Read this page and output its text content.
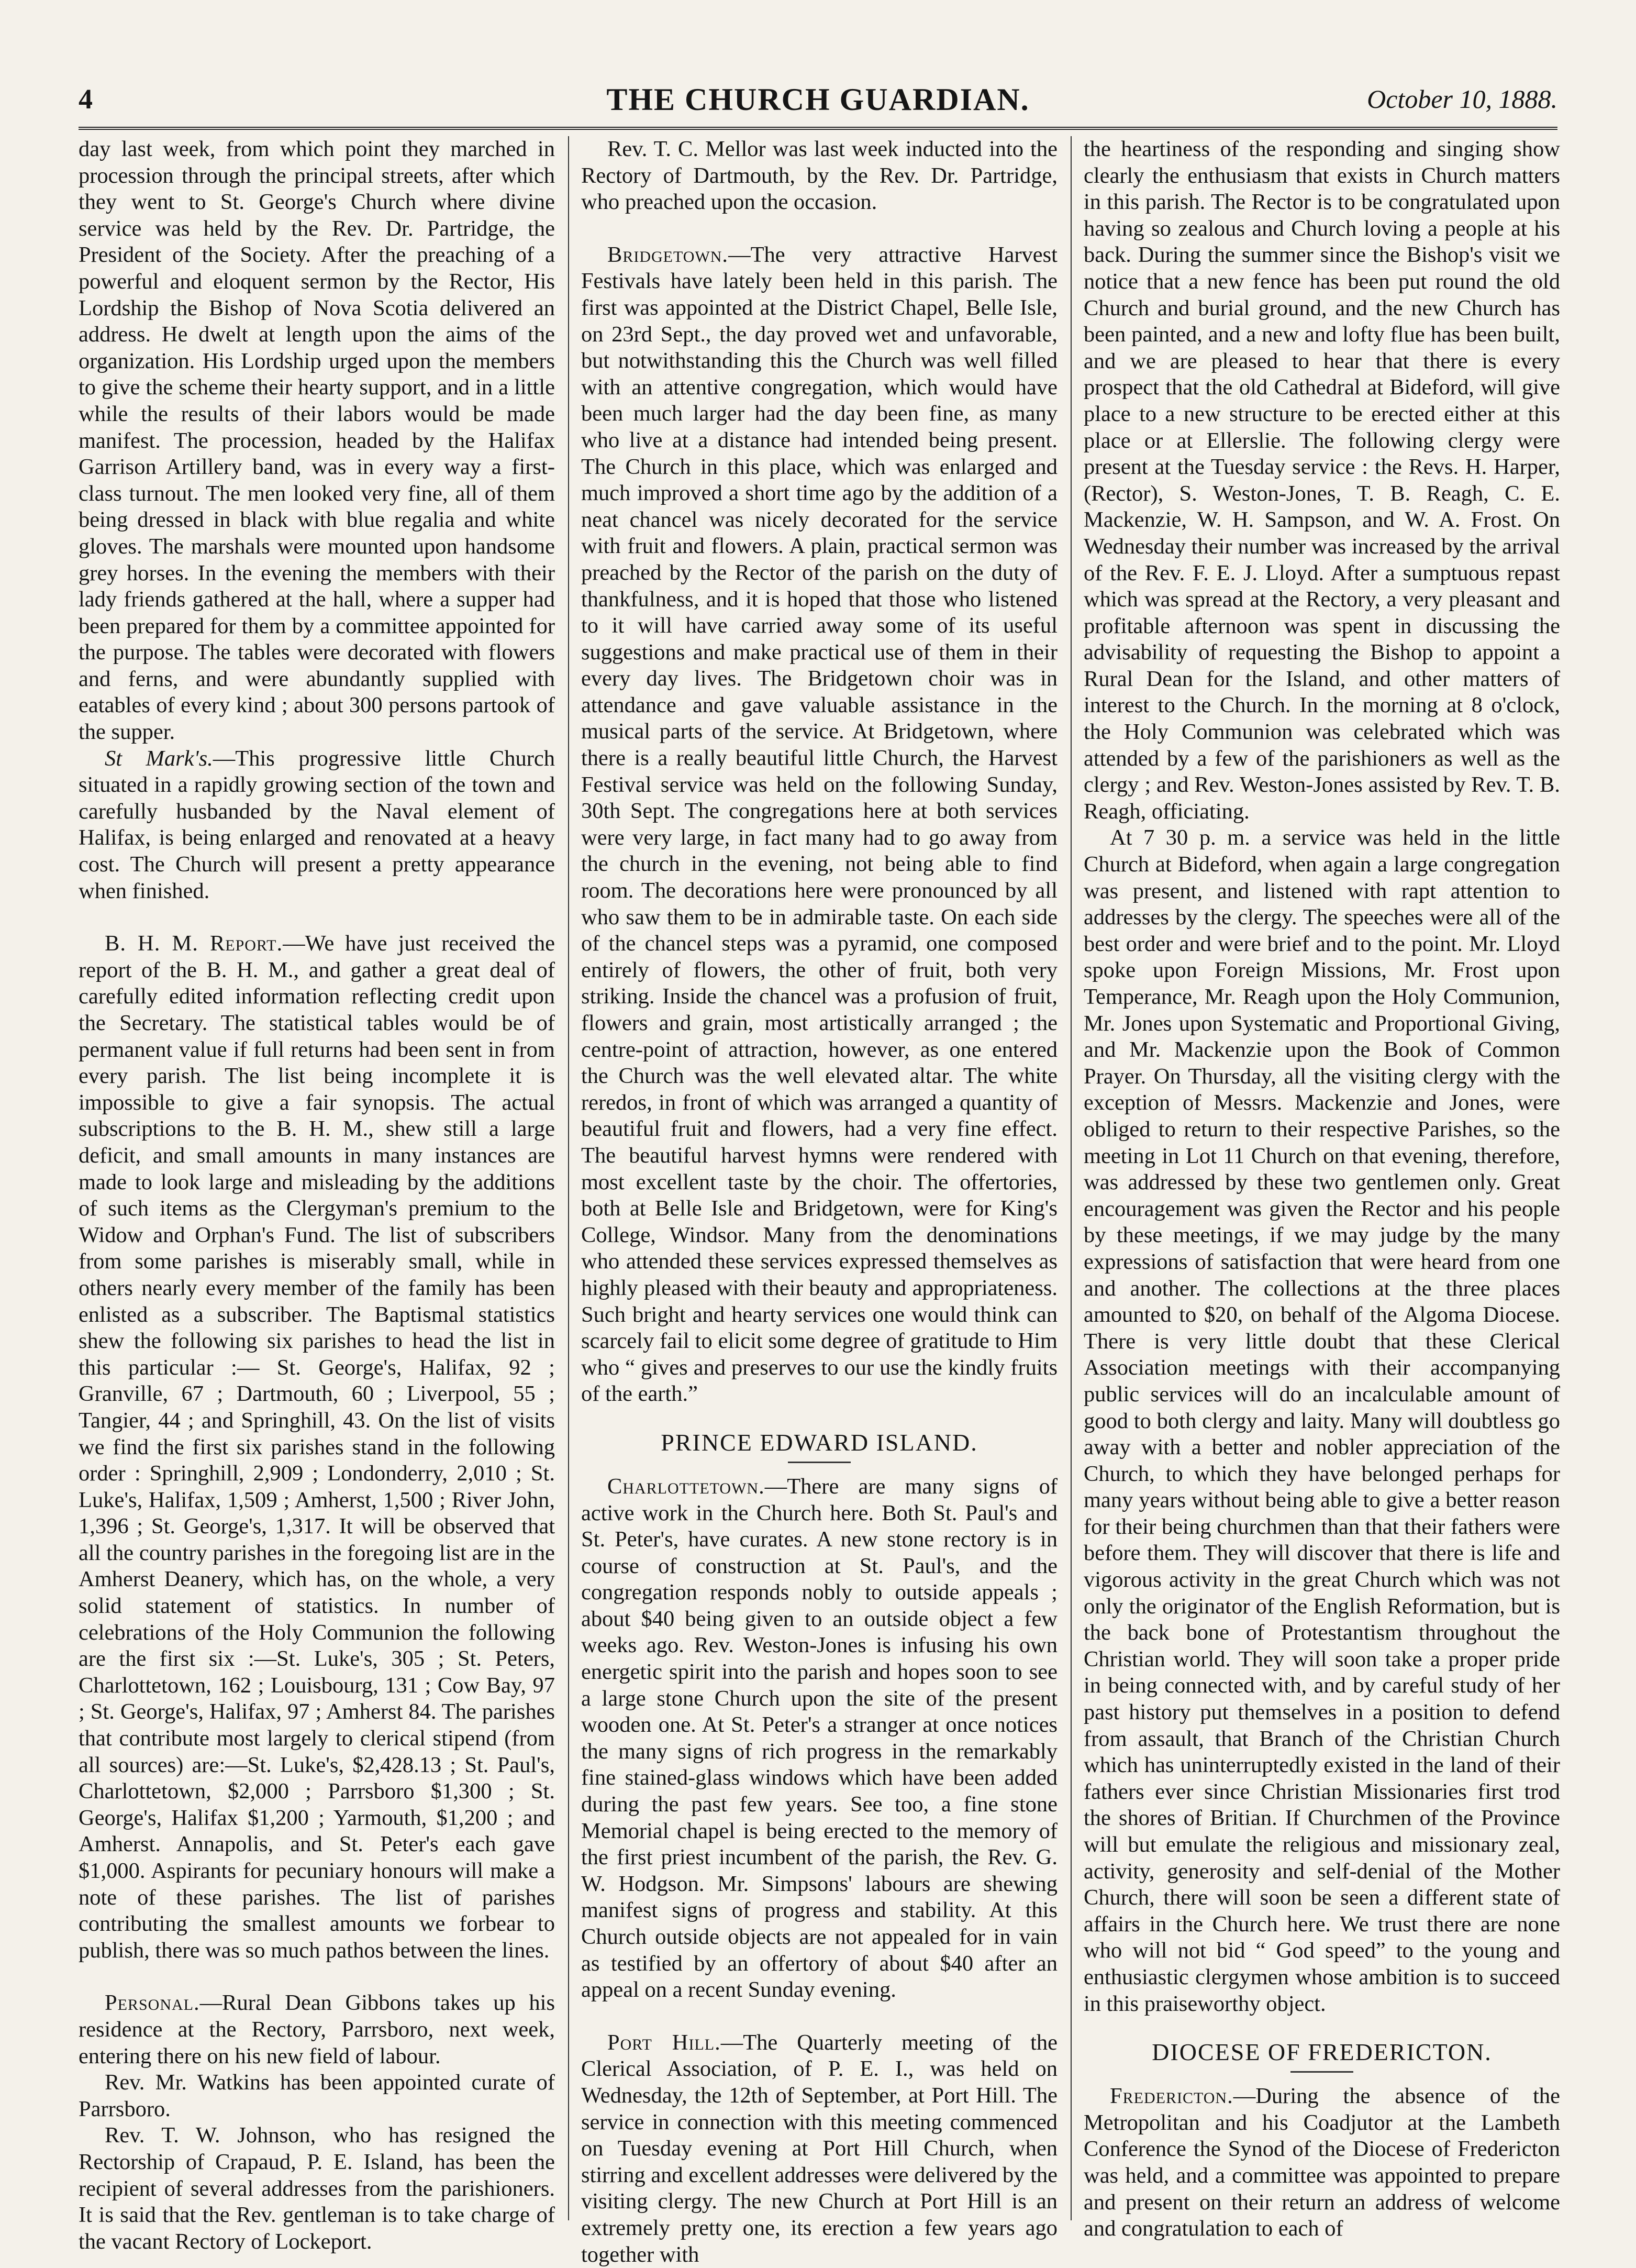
4	THE CHURCH GUARDIAN.	October 10, 1888.

day last week, from which point they marched in procession through the principal streets, after which they went to St. George's Church where divine service was held by the Rev. Dr. Partridge, the President of the Society. After the preaching of a powerful and eloquent sermon by the Rector, His Lordship the Bishop of Nova Scotia delivered an address. He dwelt at length upon the aims of the organization. His Lordship urged upon the members to give the scheme their hearty support, and in a little while the results of their labors would be made manifest. The procession, headed by the Halifax Garrison Artillery band, was in every way a first-class turnout. The men looked very fine, all of them being dressed in black with blue regalia and white gloves. The marshals were mounted upon handsome grey horses. In the evening the members with their lady friends gathered at the hall, where a supper had been prepared for them by a committee appointed for the purpose. The tables were decorated with flowers and ferns, and were abundantly supplied with eatables of every kind ; about 300 persons partook of the supper.

St Mark's.—This progressive little Church situated in a rapidly growing section of the town and carefully husbanded by the Naval element of Halifax, is being enlarged and renovated at a heavy cost. The Church will present a pretty appearance when finished.

B. H. M. Report.—We have just received the report of the B. H. M., and gather a great deal of carefully edited information reflecting credit upon the Secretary. The statistical tables would be of permanent value if full returns had been sent in from every parish. The list being incomplete it is impossible to give a fair synopsis. The actual subscriptions to the B. H. M., shew still a large deficit, and small amounts in many instances are made to look large and misleading by the additions of such items as the Clergyman's premium to the Widow and Orphan's Fund. The list of subscribers from some parishes is miserably small, while in others nearly every member of the family has been enlisted as a subscriber. The Baptismal statistics shew the following six parishes to head the list in this particular :— St. George's, Halifax, 92 ; Granville, 67 ; Dartmouth, 60 ; Liverpool, 55 ; Tangier, 44 ; and Springhill, 43. On the list of visits we find the first six parishes stand in the following order : Springhill, 2,909 ; Londonderry, 2,010 ; St. Luke's, Halifax, 1,509 ; Amherst, 1,500 ; River John, 1,396 ; St. George's, 1,317. It will be observed that all the country parishes in the foregoing list are in the Amherst Deanery, which has, on the whole, a very solid statement of statistics. In number of celebrations of the Holy Communion the following are the first six :—St. Luke's, 305 ; St. Peters, Charlottetown, 162 ; Louisbourg, 131 ; Cow Bay, 97 ; St. George's, Halifax, 97 ; Amherst 84. The parishes that contribute most largely to clerical stipend (from all sources) are:—St. Luke's, $2,428.13 ; St. Paul's, Charlottetown, $2,000 ; Parrsboro $1,300 ; St. George's, Halifax $1,200 ; Yarmouth, $1,200 ; and Amherst. Annapolis, and St. Peter's each gave $1,000. Aspirants for pecuniary honours will make a note of these parishes. The list of parishes contributing the smallest amounts we forbear to publish, there was so much pathos between the lines.

Personal.—Rural Dean Gibbons takes up his residence at the Rectory, Parrsboro, next week, entering there on his new field of labour.

Rev. Mr. Watkins has been appointed curate of Parrsboro.

Rev. T. W. Johnson, who has resigned the Rectorship of Crapaud, P. E. Island, has been the recipient of several addresses from the parishioners. It is said that the Rev. gentleman is to take charge of the vacant Rectory of Lockeport.

Rev. T. C. Mellor was last week inducted into the Rectory of Dartmouth, by the Rev. Dr. Partridge, who preached upon the occasion.

Bridgetown.—The very attractive Harvest Festivals have lately been held in this parish. The first was appointed at the District Chapel, Belle Isle, on 23rd Sept., the day proved wet and unfavorable, but notwithstanding this the Church was well filled with an attentive congregation, which would have been much larger had the day been fine, as many who live at a distance had intended being present. The Church in this place, which was enlarged and much improved a short time ago by the addition of a neat chancel was nicely decorated for the service with fruit and flowers. A plain, practical sermon was preached by the Rector of the parish on the duty of thankfulness, and it is hoped that those who listened to it will have carried away some of its useful suggestions and make practical use of them in their every day lives. The Bridgetown choir was in attendance and gave valuable assistance in the musical parts of the service. At Bridgetown, where there is a really beautiful little Church, the Harvest Festival service was held on the following Sunday, 30th Sept. The congregations here at both services were very large, in fact many had to go away from the church in the evening, not being able to find room. The decorations here were pronounced by all who saw them to be in admirable taste. On each side of the chancel steps was a pyramid, one composed entirely of flowers, the other of fruit, both very striking. Inside the chancel was a profusion of fruit, flowers and grain, most artistically arranged ; the centre-point of attraction, however, as one entered the Church was the well elevated altar. The white reredos, in front of which was arranged a quantity of beautiful fruit and flowers, had a very fine effect. The beautiful harvest hymns were rendered with most excellent taste by the choir. The offertories, both at Belle Isle and Bridgetown, were for King's College, Windsor. Many from the denominations who attended these services expressed themselves as highly pleased with their beauty and appropriateness. Such bright and hearty services one would think can scarcely fail to elicit some degree of gratitude to Him who “ gives and preserves to our use the kindly fruits of the earth.”

PRINCE EDWARD ISLAND.

Charlottetown.—There are many signs of active work in the Church here. Both St. Paul's and St. Peter's, have curates. A new stone rectory is in course of construction at St. Paul's, and the congregation responds nobly to outside appeals ; about $40 being given to an outside object a few weeks ago. Rev. Weston-Jones is infusing his own energetic spirit into the parish and hopes soon to see a large stone Church upon the site of the present wooden one. At St. Peter's a stranger at once notices the many signs of rich progress in the remarkably fine stained-glass windows which have been added during the past few years. See too, a fine stone Memorial chapel is being erected to the memory of the first priest incumbent of the parish, the Rev. G. W. Hodgson. Mr. Simpsons' labours are shewing manifest signs of progress and stability. At this Church outside objects are not appealed for in vain as testified by an offertory of about $40 after an appeal on a recent Sunday evening.

Port Hill.—The Quarterly meeting of the Clerical Association, of P. E. I., was held on Wednesday, the 12th of September, at Port Hill. The service in connection with this meeting commenced on Tuesday evening at Port Hill Church, when stirring and excellent addresses were delivered by the visiting clergy. The new Church at Port Hill is an extremely pretty one, its erection a few years ago together with

the heartiness of the responding and singing show clearly the enthusiasm that exists in Church matters in this parish. The Rector is to be congratulated upon having so zealous and Church loving a people at his back. During the summer since the Bishop's visit we notice that a new fence has been put round the old Church and burial ground, and the new Church has been painted, and a new and lofty flue has been built, and we are pleased to hear that there is every prospect that the old Cathedral at Bideford, will give place to a new structure to be erected either at this place or at Ellerslie. The following clergy were present at the Tuesday service : the Revs. H. Harper, (Rector), S. Weston-Jones, T. B. Reagh, C. E. Mackenzie, W. H. Sampson, and W. A. Frost. On Wednesday their number was increased by the arrival of the Rev. F. E. J. Lloyd. After a sumptuous repast which was spread at the Rectory, a very pleasant and profitable afternoon was spent in discussing the advisability of requesting the Bishop to appoint a Rural Dean for the Island, and other matters of interest to the Church. In the morning at 8 o'clock, the Holy Communion was celebrated which was attended by a few of the parishioners as well as the clergy ; and Rev. Weston-Jones assisted by Rev. T. B. Reagh, officiating.

At 7 30 p. m. a service was held in the little Church at Bideford, when again a large congregation was present, and listened with rapt attention to addresses by the clergy. The speeches were all of the best order and were brief and to the point. Mr. Lloyd spoke upon Foreign Missions, Mr. Frost upon Temperance, Mr. Reagh upon the Holy Communion, Mr. Jones upon Systematic and Proportional Giving, and Mr. Mackenzie upon the Book of Common Prayer. On Thursday, all the visiting clergy with the exception of Messrs. Mackenzie and Jones, were obliged to return to their respective Parishes, so the meeting in Lot 11 Church on that evening, therefore, was addressed by these two gentlemen only. Great encouragement was given the Rector and his people by these meetings, if we may judge by the many expressions of satisfaction that were heard from one and another. The collections at the three places amounted to $20, on behalf of the Algoma Diocese. There is very little doubt that these Clerical Association meetings with their accompanying public services will do an incalculable amount of good to both clergy and laity. Many will doubtless go away with a better and nobler appreciation of the Church, to which they have belonged perhaps for many years without being able to give a better reason for their being churchmen than that their fathers were before them. They will discover that there is life and vigorous activity in the great Church which was not only the originator of the English Reformation, but is the back bone of Protestantism throughout the Christian world. They will soon take a proper pride in being connected with, and by careful study of her past history put themselves in a position to defend from assault, that Branch of the Christian Church which has uninterruptedly existed in the land of their fathers ever since Christian Missionaries first trod the shores of Britian. If Churchmen of the Province will but emulate the religious and missionary zeal, activity, generosity and self-denial of the Mother Church, there will soon be seen a different state of affairs in the Church here. We trust there are none who will not bid “ God speed” to the young and enthusiastic clergymen whose ambition is to succeed in this praiseworthy object.

DIOCESE OF FREDERICTON.

Fredericton.—During the absence of the Metropolitan and his Coadjutor at the Lambeth Conference the Synod of the Diocese of Fredericton was held, and a committee was appointed to prepare and present on their return an address of welcome and congratulation to each of
